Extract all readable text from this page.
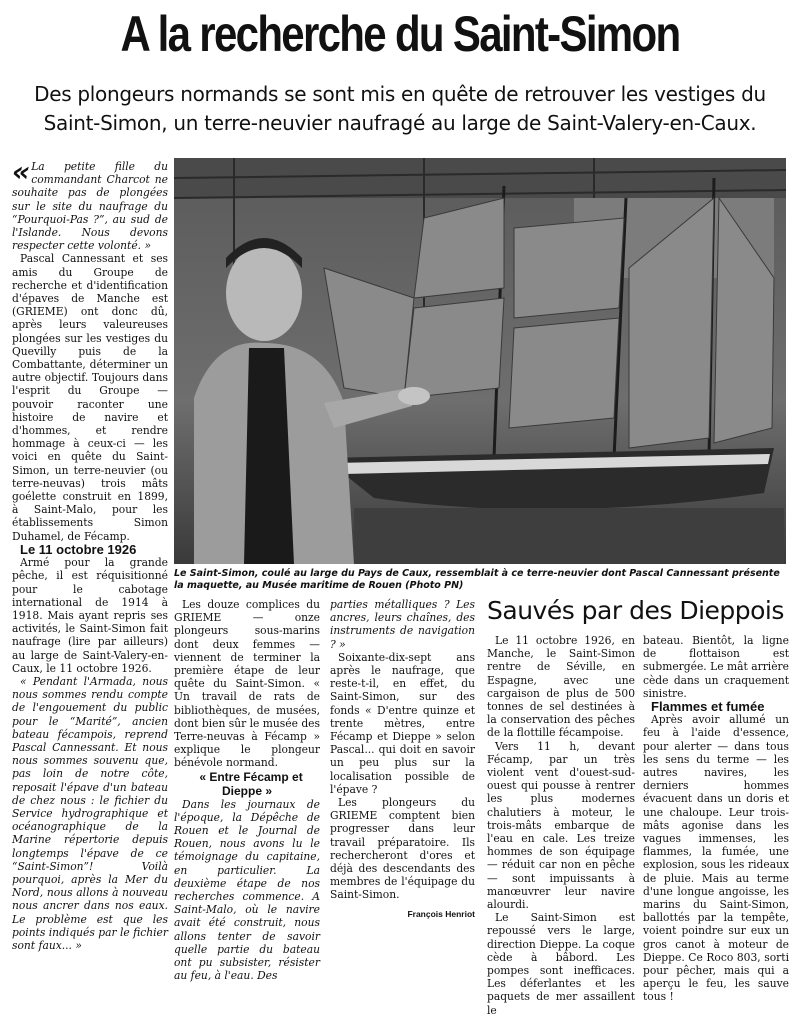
A la recherche du Saint-Simon
Des plongeurs normands se sont mis en quête de retrouver les vestiges du Saint-Simon, un terre-neuvier naufragé au large de Saint-Valery-en-Caux.

« La petite fille du commandant Charcot ne souhaite pas de plongées sur le site du naufrage du “Pourquoi-Pas ?”, au sud de l'Islande. Nous devons respecter cette volonté. »

Pascal Cannessant et ses amis du Groupe de recherche et d'identification d'épaves de Manche est (GRIEME) ont donc dû, après leurs valeureuses plongées sur les vestiges du Quevilly puis de la Combattante, déterminer un autre objectif. Toujours dans l'esprit du Groupe — pouvoir raconter une histoire de navire et d'hommes, et rendre hommage à ceux-ci — les voici en quête du Saint-Simon, un terre-neuvier (ou terre-neuvas) trois mâts goélette construit en 1899, à Saint-Malo, pour les établissements Simon Duhamel, de Fécamp.

Le 11 octobre 1926

Armé pour la grande pêche, il est réquisitionné pour le cabotage international de 1914 à 1918. Mais ayant repris ses activités, le Saint-Simon fait naufrage (lire par ailleurs) au large de Saint-Valery-en-Caux, le 11 octobre 1926.

« Pendant l'Armada, nous nous sommes rendu compte de l'engouement du public pour le “Marité”, ancien bateau fécampois, reprend Pascal Cannessant. Et nous nous sommes souvenu que, pas loin de notre côte, reposait l'épave d'un bateau de chez nous : le fichier du Service hydrographique et océanographique de la Marine répertorie depuis longtemps l'épave de ce “Saint-Simon”! Voilà pourquoi, après la Mer du Nord, nous allons à nouveau nous ancrer dans nos eaux. Le problème est que les points indiqués par le fichier sont faux... »

Le Saint-Simon, coulé au large du Pays de Caux, ressemblait à ce terre-neuvier dont Pascal Cannessant présente la maquette, au Musée maritime de Rouen (Photo PN)

Les douze complices du GRIEME — onze plongeurs sous-marins dont deux femmes — viennent de terminer la première étape de leur quête du Saint-Simon. « Un travail de rats de bibliothèques, de musées, dont bien sûr le musée des Terre-neuvas à Fécamp » explique le plongeur bénévole normand.

« Entre Fécamp et Dieppe »

Dans les journaux de l'époque, la Dépêche de Rouen et le Journal de Rouen, nous avons lu le témoignage du capitaine, en particulier. La deuxième étape de nos recherches commence. A Saint-Malo, où le navire avait été construit, nous allons tenter de savoir quelle partie du bateau ont pu subsister, résister au feu, à l'eau. Des

parties métalliques ? Les ancres, leurs chaînes, des instruments de navigation ? »

Soixante-dix-sept ans après le naufrage, que reste-t-il, en effet, du Saint-Simon, sur des fonds « D'entre quinze et trente mètres, entre Fécamp et Dieppe » selon Pascal... qui doit en savoir un peu plus sur la localisation possible de l'épave ?

Les plongeurs du GRIEME comptent bien progresser dans leur travail préparatoire. Ils rechercheront d'ores et déjà des descendants des membres de l'équipage du Saint-Simon.

François Henriot
Sauvés par des Dieppois

Le 11 octobre 1926, en Manche, le Saint-Simon rentre de Séville, en Espagne, avec une cargaison de plus de 500 tonnes de sel destinées à la conservation des pêches de la flottille fécampoise.

Vers 11 h, devant Fécamp, par un très violent vent d'ouest-sud-ouest qui pousse à rentrer les plus modernes chalutiers à moteur, le trois-mâts embarque de l'eau en cale. Les treize hommes de son équipage — réduit car non en pêche — sont impuissants à manœuvrer leur navire alourdi.

Le Saint-Simon est repoussé vers le large, direction Dieppe. La coque cède à bâbord. Les pompes sont inefficaces. Les déferlantes et les paquets de mer assaillent le

bateau. Bientôt, la ligne de flottaison est submergée. Le mât arrière cède dans un craquement sinistre.

Flammes et fumée

Après avoir allumé un feu à l'aide d'essence, pour alerter — dans tous les sens du terme — les autres navires, les derniers hommes évacuent dans un doris et une chaloupe. Leur trois-mâts agonise dans les vagues immenses, les flammes, la fumée, une explosion, sous les rideaux de pluie. Mais au terme d'une longue angoisse, les marins du Saint-Simon, ballottés par la tempête, voient poindre sur eux un gros canot à moteur de Dieppe. Ce Roco 803, sorti pour pêcher, mais qui a aperçu le feu, les sauve tous !
